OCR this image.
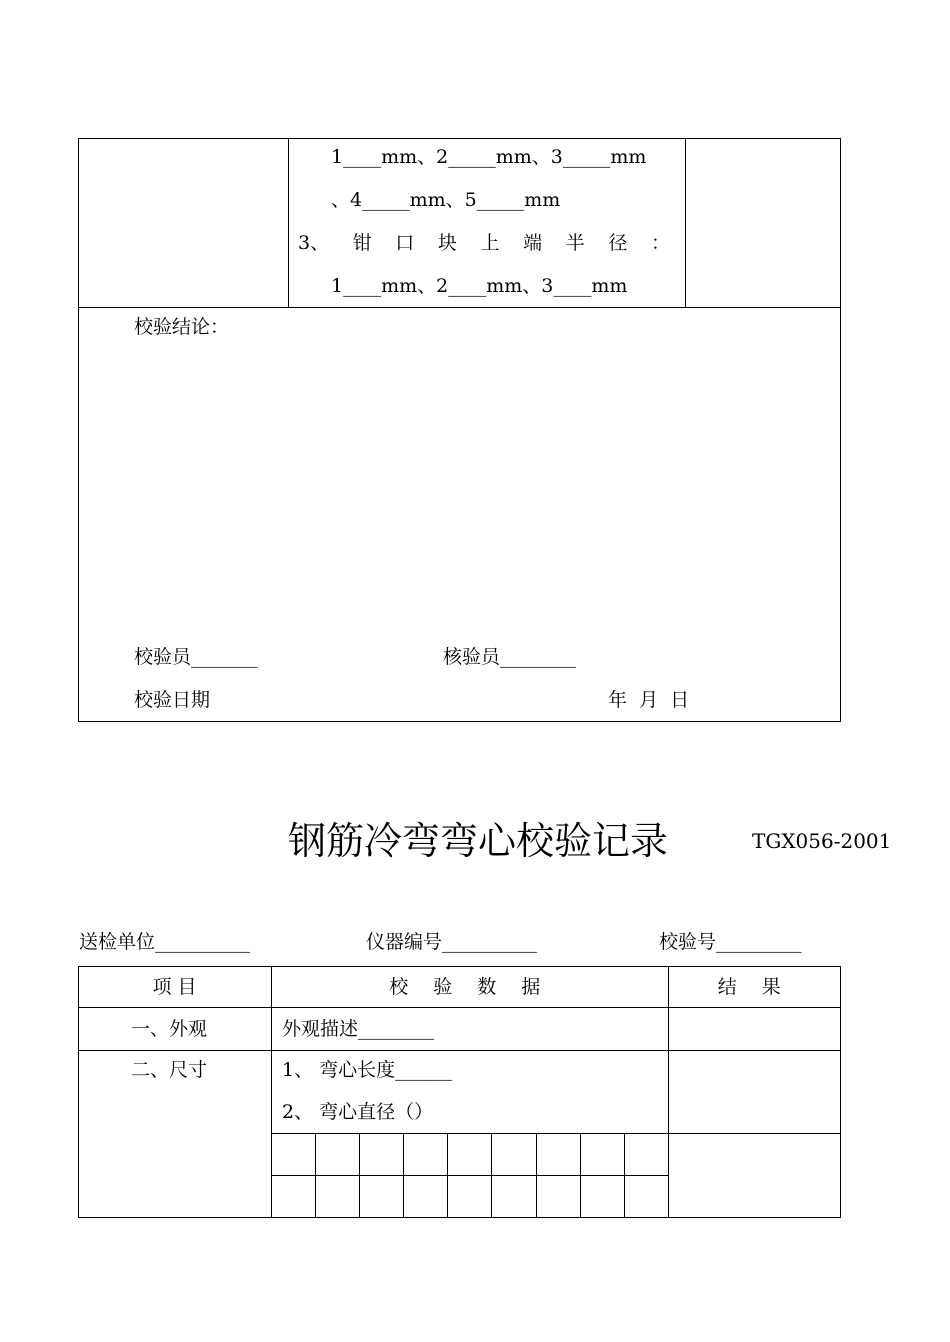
1____mm、2_____mm、3_____mm
、4_____mm、5_____mm
3、 钳 口 块 上 端 半 径 ：
1____mm、2____mm、3____mm
校验结论：
校验员_______	核验员________
校验日期	年  月  日
钢筋冷弯弯心校验记录	TGX056-2001
送检单位__________	仪器编号__________	校验号_________
项 目	校 验 数 据	结 果
一、外观	外观描述________
二、尺寸	1、 弯心长度______
2、 弯心直径（）
